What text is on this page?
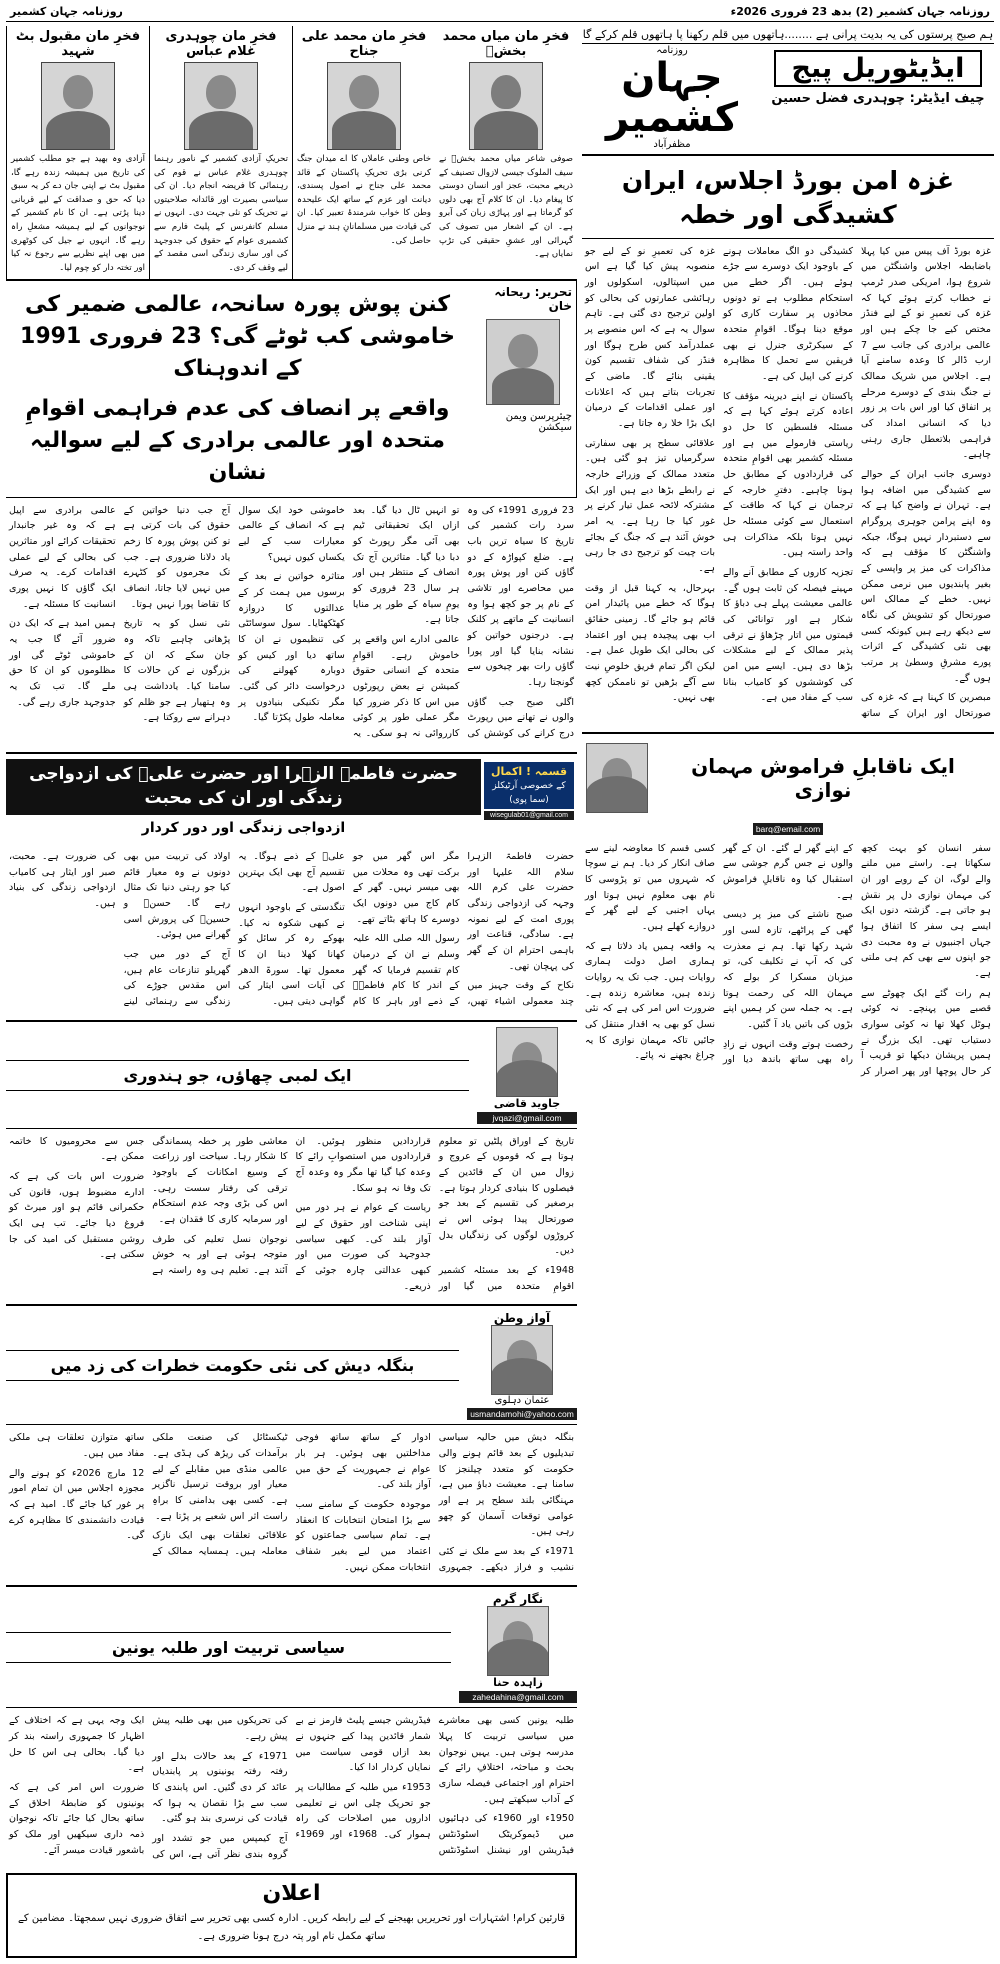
روزنامہ جہان کشمیر	روزنامہ جہان کشمیر (2) بدھ 23 فروری 2026ء
ہم صبح پرستوں کی یہ بدیت پرانی ہے ........ہاتھوں میں قلم رکھنا پا ہاتھوں قلم کرکے گا
روزنامہ
جہان کشمیر
مظفرآباد
ایڈیٹوریل پیج
چیف ایڈیٹر: چوہدری فضل حسین
غزہ امن بورڈ اجلاس، ایران کشیدگی اور خطہ

غزہ بورڈ آف پیس میں کیا پہلا باضابطہ اجلاس واشنگٹن میں شروع ہوا، امریکی صدر ٹرمپ نے خطاب کرتے ہوئے کہا کہ غزہ کی تعمیرِ نو کے لیے فنڈز مختص کیے جا چکے ہیں اور عالمی برادری کی جانب سے 7 ارب ڈالر کا وعدہ سامنے آیا ہے۔ اجلاس میں شریک ممالک نے جنگ بندی کے دوسرے مرحلے پر اتفاق کیا اور اس بات پر زور دیا کہ انسانی امداد کی فراہمی بلاتعطل جاری رہنی چاہیے۔

دوسری جانب ایران کے حوالے سے کشیدگی میں اضافہ ہوا ہے۔ تہران نے واضح کیا ہے کہ وہ اپنے پرامن جوہری پروگرام سے دستبردار نہیں ہوگا، جبکہ واشنگٹن کا مؤقف ہے کہ مذاکرات کی میز پر واپسی کے بغیر پابندیوں میں نرمی ممکن نہیں۔ خطے کے ممالک اس صورتحال کو تشویش کی نگاہ سے دیکھ رہے ہیں کیونکہ کسی بھی نئی کشیدگی کے اثرات پورے مشرقِ وسطیٰ پر مرتب ہوں گے۔

مبصرین کا کہنا ہے کہ غزہ کی صورتحال اور ایران کے ساتھ کشیدگی دو الگ معاملات ہونے کے باوجود ایک دوسرے سے جڑے ہوئے ہیں۔ اگر خطے میں استحکام مطلوب ہے تو دونوں محاذوں پر سفارت کاری کو موقع دینا ہوگا۔ اقوامِ متحدہ کے سیکرٹری جنرل نے بھی فریقین سے تحمل کا مظاہرہ کرنے کی اپیل کی ہے۔

پاکستان نے اپنے دیرینہ مؤقف کا اعادہ کرتے ہوئے کہا ہے کہ مسئلہ فلسطین کا حل دو ریاستی فارمولے میں ہے اور مسئلہ کشمیر بھی اقوامِ متحدہ کی قراردادوں کے مطابق حل ہونا چاہیے۔ دفترِ خارجہ کے ترجمان نے کہا کہ طاقت کے استعمال سے کوئی مسئلہ حل نہیں ہوتا بلکہ مذاکرات ہی واحد راستہ ہیں۔

تجزیہ کاروں کے مطابق آنے والے مہینے فیصلہ کن ثابت ہوں گے۔ عالمی معیشت پہلے ہی دباؤ کا شکار ہے اور توانائی کی قیمتوں میں اتار چڑھاؤ نے ترقی پذیر ممالک کے لیے مشکلات بڑھا دی ہیں۔ ایسے میں امن کی کوششوں کو کامیاب بنانا سب کے مفاد میں ہے۔

غزہ کی تعمیرِ نو کے لیے جو منصوبہ پیش کیا گیا ہے اس میں اسپتالوں، اسکولوں اور رہائشی عمارتوں کی بحالی کو اولین ترجیح دی گئی ہے۔ تاہم سوال یہ ہے کہ اس منصوبے پر عملدرآمد کس طرح ہوگا اور فنڈز کی شفاف تقسیم کون یقینی بنائے گا۔ ماضی کے تجربات بتاتے ہیں کہ اعلانات اور عملی اقدامات کے درمیان ایک بڑا خلا رہ جاتا ہے۔

علاقائی سطح پر بھی سفارتی سرگرمیاں تیز ہو گئی ہیں۔ متعدد ممالک کے وزرائے خارجہ نے رابطے بڑھا دیے ہیں اور ایک مشترکہ لائحہ عمل تیار کرنے پر غور کیا جا رہا ہے۔ یہ امر خوش آئند ہے کہ جنگ کے بجائے بات چیت کو ترجیح دی جا رہی ہے۔

بہرحال، یہ کہنا قبل از وقت ہوگا کہ خطے میں پائیدار امن قائم ہو جائے گا۔ زمینی حقائق اب بھی پیچیدہ ہیں اور اعتماد کی بحالی ایک طویل عمل ہے۔ لیکن اگر تمام فریق خلوصِ نیت سے آگے بڑھیں تو ناممکن کچھ بھی نہیں۔

ایک ناقابلِ فراموش مہمان نوازی
barq@email.com

سفر انسان کو بہت کچھ سکھاتا ہے۔ راستے میں ملنے والے لوگ، ان کے رویے اور ان کی مہمان نوازی دل پر نقش ہو جاتی ہے۔ گزشتہ دنوں ایک ایسے ہی سفر کا اتفاق ہوا جہاں اجنبیوں نے وہ محبت دی جو اپنوں سے بھی کم ہی ملتی ہے۔

ہم رات گئے ایک چھوٹے سے قصبے میں پہنچے۔ نہ کوئی ہوٹل کھلا تھا نہ کوئی سواری دستیاب تھی۔ ایک بزرگ نے ہمیں پریشان دیکھا تو قریب آ کر حال پوچھا اور پھر اصرار کر کے اپنے گھر لے گئے۔ ان کے گھر والوں نے جس گرم جوشی سے استقبال کیا وہ ناقابلِ فراموش ہے۔

صبح ناشتے کی میز پر دیسی گھی کے پراٹھے، تازہ لسی اور شہد رکھا تھا۔ ہم نے معذرت کی کہ آپ نے تکلیف کی، تو میزبان مسکرا کر بولے کہ مہمان اللہ کی رحمت ہوتا ہے۔ یہ جملہ سن کر ہمیں اپنے بڑوں کی باتیں یاد آ گئیں۔

رخصت ہوتے وقت انہوں نے زادِ راہ بھی ساتھ باندھ دیا اور کسی قسم کا معاوضہ لینے سے صاف انکار کر دیا۔ ہم نے سوچا کہ شہروں میں تو پڑوسی کا نام بھی معلوم نہیں ہوتا اور یہاں اجنبی کے لیے گھر کے دروازے کھلے ہیں۔

یہ واقعہ ہمیں یاد دلاتا ہے کہ ہماری اصل دولت ہماری روایات ہیں۔ جب تک یہ روایات زندہ ہیں، معاشرہ زندہ ہے۔ ضرورت اس امر کی ہے کہ نئی نسل کو بھی یہ اقدار منتقل کی جائیں تاکہ مہمان نوازی کا یہ چراغ بجھنے نہ پائے۔

فخرِ مان مقبول بٹ شہید
آزادی وہ بھید ہے جو مطلب کشمیر کی تاریخ میں ہمیشہ زندہ رہے گا، مقبول بٹ نے اپنی جان دے کر یہ سبق دیا کہ حق و صداقت کے لیے قربانی دینا پڑتی ہے۔ ان کا نام کشمیر کے نوجوانوں کے لیے ہمیشہ مشعلِ راہ رہے گا۔ انہوں نے جیل کی کوٹھری میں بھی اپنے نظریے سے رجوع نہ کیا اور تختہ دار کو چوم لیا۔
فخرِ مان چوہدری غلام عباس
تحریکِ آزادی کشمیر کے نامور رہنما چوہدری غلام عباس نے قوم کی رہنمائی کا فریضہ انجام دیا۔ ان کی سیاسی بصیرت اور قائدانہ صلاحیتوں نے تحریک کو نئی جہت دی۔ انہوں نے مسلم کانفرنس کے پلیٹ فارم سے کشمیری عوام کے حقوق کی جدوجہد کی اور ساری زندگی اسی مقصد کے لیے وقف کر دی۔
فخرِ مان محمد علی جناح
خاص وطنی عاملاں کا اے میدان جنگ کرنی بڑی تحریکِ پاکستان کے قائد محمد علی جناح نے اصول پسندی، دیانت اور عزم کے ساتھ ایک علیحدہ وطن کا خواب شرمندۂ تعبیر کیا۔ ان کی قیادت میں مسلمانانِ ہند نے منزل حاصل کی۔
فخرِ مان میاں محمد بخشؒ
صوفی شاعر میاں محمد بخشؒ نے سیف الملوک جیسی لازوال تصنیف کے ذریعے محبت، عجز اور انسان دوستی کا پیغام دیا۔ ان کا کلام آج بھی دلوں کو گرماتا ہے اور پہاڑی زبان کی آبرو ہے۔ ان کے اشعار میں تصوف کی گہرائی اور عشقِ حقیقی کی تڑپ نمایاں ہے۔
کنن پوش پورہ سانحہ، عالمی ضمیر کی خاموشی کب ٹوٹے گی؟ 23 فروری 1991 کے اندوہناک
واقعے پر انصاف کی عدم فراہمی اقوامِ متحدہ اور عالمی برادری کے لیے سوالیہ نشان
تحریر: ریحانہ خان
چیئرپرسن ویمن سیکشن

23 فروری 1991ء کی وہ سرد رات کشمیر کی تاریخ کا سیاہ ترین باب ہے۔ ضلع کپواڑہ کے دو گاؤں کنن اور پوش پورہ میں محاصرے اور تلاشی کے نام پر جو کچھ ہوا وہ انسانیت کے ماتھے پر کلنک ہے۔ درجنوں خواتین کو نشانہ بنایا گیا اور پورا گاؤں رات بھر چیخوں سے گونجتا رہا۔

اگلی صبح جب گاؤں والوں نے تھانے میں رپورٹ درج کرانے کی کوشش کی تو انہیں ٹال دیا گیا۔ بعد ازاں ایک تحقیقاتی ٹیم بھی آئی مگر رپورٹ کو دبا دیا گیا۔ متاثرین آج تک انصاف کے منتظر ہیں اور ہر سال 23 فروری کو یومِ سیاہ کے طور پر منایا جاتا ہے۔

عالمی ادارے اس واقعے پر خاموش رہے۔ اقوامِ متحدہ کے انسانی حقوق کمیشن نے بعض رپورٹوں میں اس کا ذکر ضرور کیا مگر عملی طور پر کوئی کارروائی نہ ہو سکی۔ یہ خاموشی خود ایک سوال ہے کہ انصاف کے عالمی معیارات سب کے لیے یکساں کیوں نہیں؟

متاثرہ خواتین نے بعد کے برسوں میں ہمت کر کے عدالتوں کا دروازہ کھٹکھٹایا۔ سول سوسائٹی کی تنظیموں نے ان کا ساتھ دیا اور کیس کو دوبارہ کھولنے کی درخواست دائر کی گئی۔ مگر تکنیکی بنیادوں پر معاملہ طول پکڑتا گیا۔

آج جب دنیا خواتین کے حقوق کی بات کرتی ہے تو کنن پوش پورہ کا زخم یاد دلانا ضروری ہے۔ جب تک مجرموں کو کٹہرے میں نہیں لایا جاتا، انصاف کا تقاضا پورا نہیں ہوتا۔

نئی نسل کو یہ تاریخ پڑھانی چاہیے تاکہ وہ جان سکے کہ ان کے بزرگوں نے کن حالات کا سامنا کیا۔ یادداشت ہی وہ ہتھیار ہے جو ظلم کو دہرانے سے روکتا ہے۔

عالمی برادری سے اپیل ہے کہ وہ غیر جانبدار تحقیقات کرائے اور متاثرین کی بحالی کے لیے عملی اقدامات کرے۔ یہ صرف ایک گاؤں کا نہیں پوری انسانیت کا مسئلہ ہے۔

ہمیں امید ہے کہ ایک دن ضرور آئے گا جب یہ خاموشی ٹوٹے گی اور مظلوموں کو ان کا حق ملے گا۔ تب تک یہ جدوجہد جاری رہے گی۔

حضرت فاطمہ الزہرا اور حضرت علیؓ کی ازدواجی زندگی اور ان کی محبت
ازدواجی زندگی اور دور کردار
قسمہ ! اکمال
کے خصوصی آرٹیکلز
(سما پوی)
wisegulab01@gmail.com

حضرت فاطمۃ الزہرا سلام اللہ علیہا اور حضرت علی کرم اللہ وجہہ کی ازدواجی زندگی پوری امت کے لیے نمونہ ہے۔ سادگی، قناعت اور باہمی احترام ان کے گھر کی پہچان تھی۔

نکاح کے وقت جہیز میں چند معمولی اشیاء تھیں، مگر اس گھر میں جو برکت تھی وہ محلات میں بھی میسر نہیں۔ گھر کے کام کاج میں دونوں ایک دوسرے کا ہاتھ بٹاتے تھے۔

رسول اللہ صلی اللہ علیہ وسلم نے ان کے درمیان کام تقسیم فرمایا کہ گھر کے اندر کا کام فاطمہؓ کے ذمے اور باہر کا کام علیؓ کے ذمے ہوگا۔ یہ تقسیم آج بھی ایک بہترین اصول ہے۔

تنگدستی کے باوجود انہوں نے کبھی شکوہ نہ کیا۔ بھوکے رہ کر سائل کو کھانا کھلا دینا ان کا معمول تھا۔ سورۃ الدھر کی آیات اسی ایثار کی گواہی دیتی ہیں۔

اولاد کی تربیت میں بھی دونوں نے وہ معیار قائم کیا جو رہتی دنیا تک مثال رہے گا۔ حسنؓ و حسینؓ کی پرورش اسی گھرانے میں ہوئی۔

آج کے دور میں جب گھریلو تنازعات عام ہیں، اس مقدس جوڑے کی زندگی سے رہنمائی لینے کی ضرورت ہے۔ محبت، صبر اور ایثار ہی کامیاب ازدواجی زندگی کی بنیاد ہیں۔

ایک لمبی چھاؤں، جو ہندوری
جاوید قاضی
jvqazi@gmail.com

تاریخ کے اوراق پلٹیں تو معلوم ہوتا ہے کہ قوموں کے عروج و زوال میں ان کے قائدین کے فیصلوں کا بنیادی کردار ہوتا ہے۔ برصغیر کی تقسیم کے بعد جو صورتحال پیدا ہوئی اس نے کروڑوں لوگوں کی زندگیاں بدل دیں۔

1948ء کے بعد مسئلہ کشمیر اقوامِ متحدہ میں گیا اور قراردادیں منظور ہوئیں۔ ان قراردادوں میں استصوابِ رائے کا وعدہ کیا گیا تھا مگر وہ وعدہ آج تک وفا نہ ہو سکا۔

ریاست کے عوام نے ہر دور میں اپنی شناخت اور حقوق کے لیے آواز بلند کی۔ کبھی سیاسی جدوجہد کی صورت میں اور کبھی عدالتی چارہ جوئی کے ذریعے۔

معاشی طور پر خطہ پسماندگی کا شکار رہا۔ سیاحت اور زراعت کے وسیع امکانات کے باوجود ترقی کی رفتار سست رہی۔ اس کی بڑی وجہ عدم استحکام اور سرمایہ کاری کا فقدان ہے۔

نوجوان نسل تعلیم کی طرف متوجہ ہوئی ہے اور یہ خوش آئند ہے۔ تعلیم ہی وہ راستہ ہے جس سے محرومیوں کا خاتمہ ممکن ہے۔

ضرورت اس بات کی ہے کہ ادارے مضبوط ہوں، قانون کی حکمرانی قائم ہو اور میرٹ کو فروغ دیا جائے۔ تب ہی ایک روشن مستقبل کی امید کی جا سکتی ہے۔

بنگلہ دیش کی نئی حکومت خطرات کی زد میں
آوازِ وطن
عثمان دہلوی
usmandamohi@yahoo.com

بنگلہ دیش میں حالیہ سیاسی تبدیلیوں کے بعد قائم ہونے والی حکومت کو متعدد چیلنجز کا سامنا ہے۔ معیشت دباؤ میں ہے، مہنگائی بلند سطح پر ہے اور عوامی توقعات آسمان کو چھو رہی ہیں۔

1971ء کے بعد سے ملک نے کئی نشیب و فراز دیکھے۔ جمہوری ادوار کے ساتھ ساتھ فوجی مداخلتیں بھی ہوئیں۔ ہر بار عوام نے جمہوریت کے حق میں آواز بلند کی۔

موجودہ حکومت کے سامنے سب سے بڑا امتحان انتخابات کا انعقاد ہے۔ تمام سیاسی جماعتوں کو اعتماد میں لیے بغیر شفاف انتخابات ممکن نہیں۔

ٹیکسٹائل کی صنعت ملکی برآمدات کی ریڑھ کی ہڈی ہے۔ عالمی منڈی میں مقابلے کے لیے معیار اور بروقت ترسیل ناگزیر ہے۔ کسی بھی بدامنی کا براہِ راست اثر اس شعبے پر پڑتا ہے۔

علاقائی تعلقات بھی ایک نازک معاملہ ہیں۔ ہمسایہ ممالک کے ساتھ متوازن تعلقات ہی ملکی مفاد میں ہیں۔

12 مارچ 2026ء کو ہونے والے مجوزہ اجلاس میں ان تمام امور پر غور کیا جائے گا۔ امید ہے کہ قیادت دانشمندی کا مظاہرہ کرے گی۔

سیاسی تربیت اور طلبہ یونین
نگارِ گرم
زاہدہ حنا
zahedahina@gmail.com

طلبہ یونین کسی بھی معاشرے میں سیاسی تربیت کا پہلا مدرسہ ہوتی ہیں۔ یہیں نوجوان بحث و مباحثہ، اختلافِ رائے کے احترام اور اجتماعی فیصلہ سازی کے آداب سیکھتے ہیں۔

1950ء اور 1960ء کی دہائیوں میں ڈیموکریٹک اسٹوڈنٹس فیڈریشن اور نیشنل اسٹوڈنٹس فیڈریشن جیسے پلیٹ فارمز نے بے شمار قائدین پیدا کیے جنہوں نے بعد ازاں قومی سیاست میں نمایاں کردار ادا کیا۔

1953ء میں طلبہ کے مطالبات پر جو تحریک چلی اس نے تعلیمی اداروں میں اصلاحات کی راہ ہموار کی۔ 1968ء اور 1969ء کی تحریکوں میں بھی طلبہ پیش پیش رہے۔

1971ء کے بعد حالات بدلے اور رفتہ رفتہ یونینوں پر پابندیاں عائد کر دی گئیں۔ اس پابندی کا سب سے بڑا نقصان یہ ہوا کہ قیادت کی نرسری بند ہو گئی۔

آج کیمپس میں جو تشدد اور گروہ بندی نظر آتی ہے، اس کی ایک وجہ یہی ہے کہ اختلاف کے اظہار کا جمہوری راستہ بند کر دیا گیا۔ بحالی ہی اس کا حل ہے۔

ضرورت اس امر کی ہے کہ یونینوں کو ضابطۂ اخلاق کے ساتھ بحال کیا جائے تاکہ نوجوان ذمہ داری سیکھیں اور ملک کو باشعور قیادت میسر آئے۔

اعلان
قارئین کرام! اشتہارات اور تحریریں بھیجنے کے لیے رابطہ کریں۔ ادارہ کسی بھی تحریر سے اتفاق ضروری نہیں سمجھتا۔ مضامین کے ساتھ مکمل نام اور پتہ درج ہونا ضروری ہے۔
